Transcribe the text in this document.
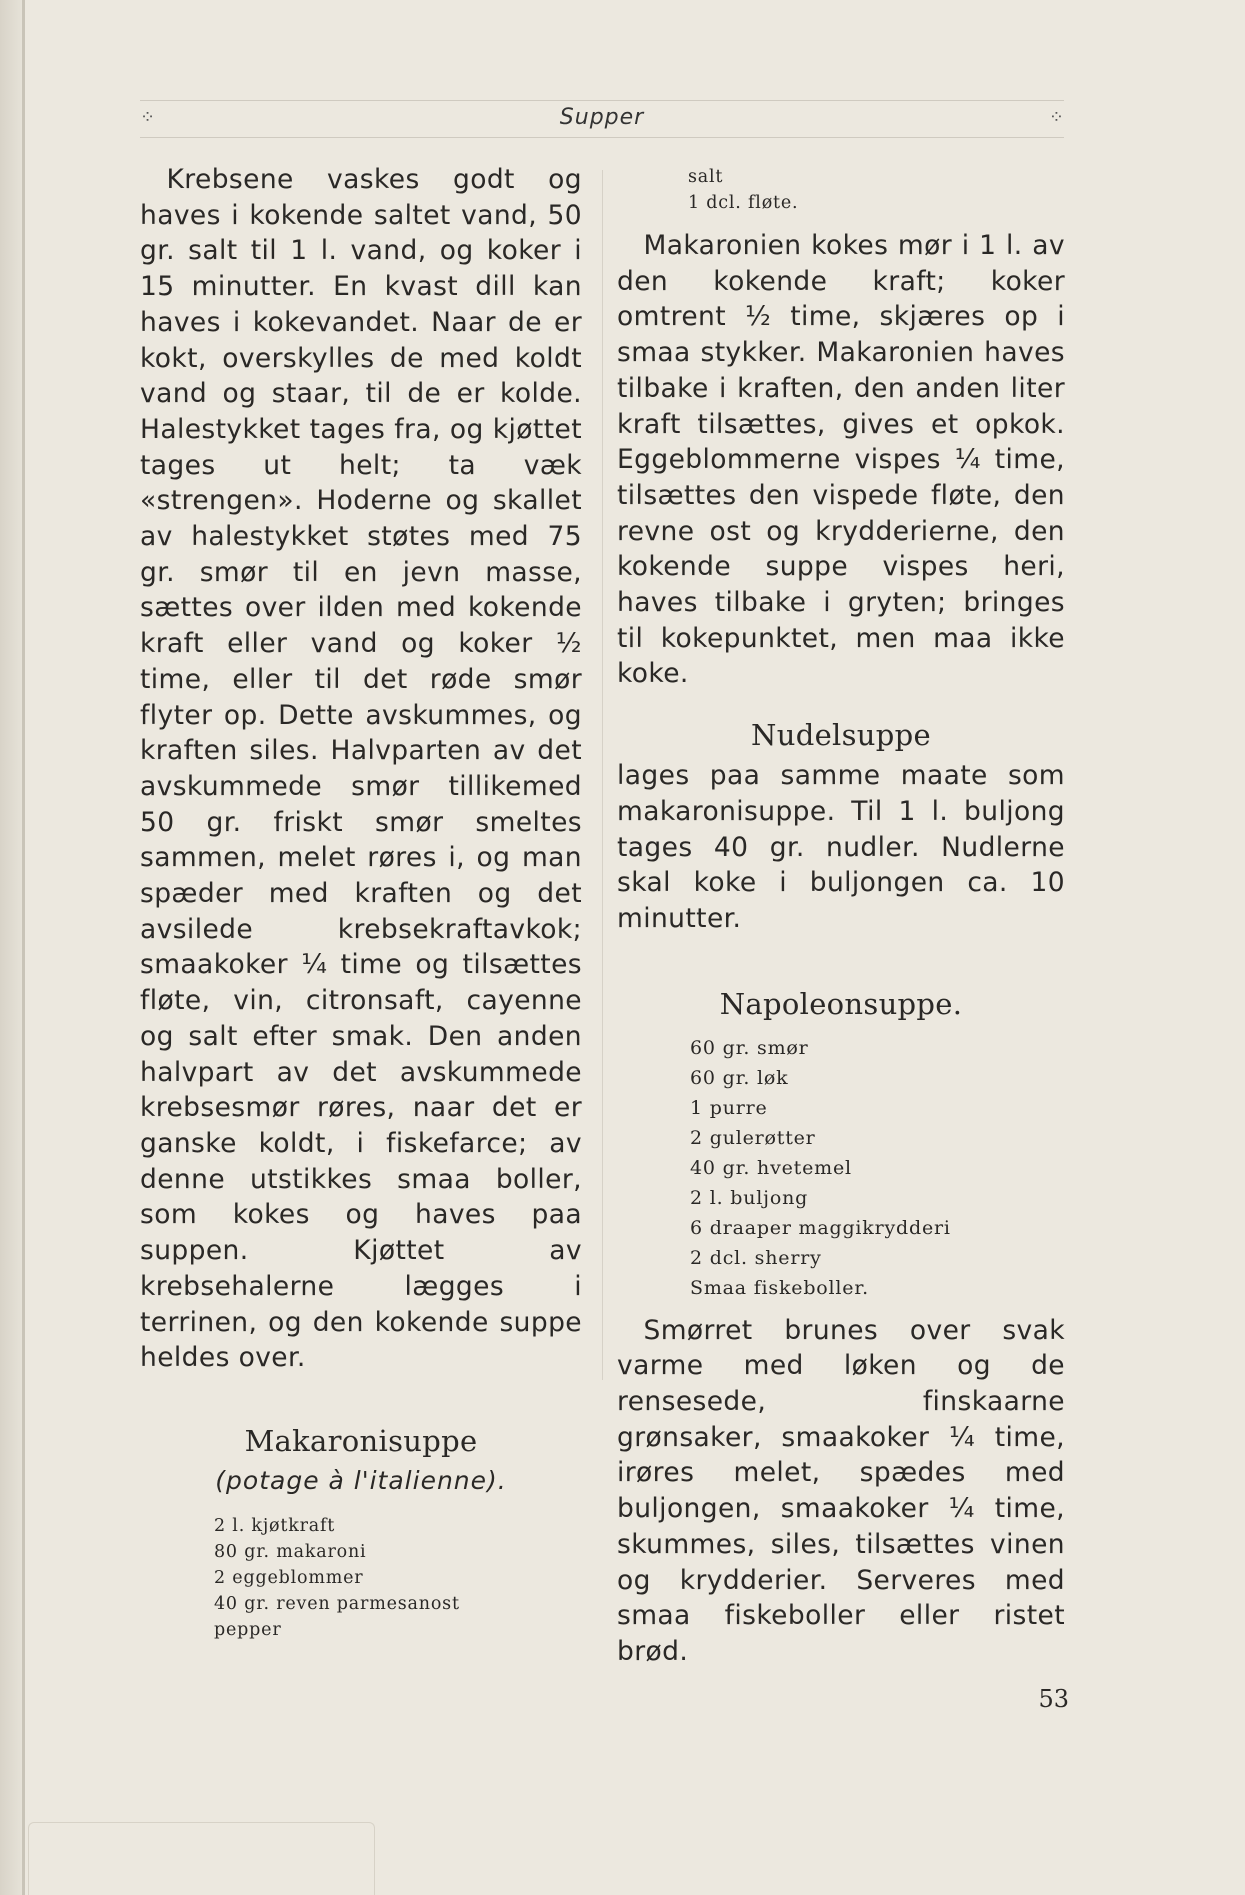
⁘	Supper	⁘

Krebsene vaskes godt og haves i kokende saltet vand, 50 gr. salt til 1 l. vand, og koker i 15 minutter. En kvast dill kan haves i kokevandet. Naar de er kokt, overskylles de med koldt vand og staar, til de er kolde. Halestykket tages fra, og kjøttet tages ut helt; ta væk «strengen». Hoderne og skallet av halestykket støtes med 75 gr. smør til en jevn masse, sættes over ilden med kokende kraft eller vand og koker ½ time, eller til det røde smør flyter op. Dette avskummes, og kraften siles. Halvparten av det avskummede smør tillikemed 50 gr. friskt smør smeltes sammen, melet røres i, og man spæder med kraften og det avsilede krebsekraftavkok; smaakoker ¼ time og tilsættes fløte, vin, citronsaft, cayenne og salt efter smak. Den anden halvpart av det avskummede krebsesmør røres, naar det er ganske koldt, i fiskefarce; av denne utstikkes smaa boller, som kokes og haves paa suppen. Kjøttet av krebsehalerne lægges i terrinen, og den kokende suppe heldes over.

Makaronisuppe
(potage à l'italienne).
2 l. kjøtkraft
80 gr. makaroni
2 eggeblommer
40 gr. reven parmesanost
pepper
salt
1 dcl. fløte.

Makaronien kokes mør i 1 l. av den kokende kraft; koker omtrent ½ time, skjæres op i smaa stykker. Makaronien haves tilbake i kraften, den anden liter kraft tilsættes, gives et opkok. Eggeblommerne vispes ¼ time, tilsættes den vispede fløte, den revne ost og krydderierne, den kokende suppe vispes heri, haves tilbake i gryten; bringes til kokepunktet, men maa ikke koke.

Nudelsuppe

lages paa samme maate som makaronisuppe. Til 1 l. buljong tages 40 gr. nudler. Nudlerne skal koke i buljongen ca. 10 minutter.

Napoleonsuppe.
60 gr. smør
60 gr. løk
1 purre
2 gulerøtter
40 gr. hvetemel
2 l. buljong
6 draaper maggikrydderi
2 dcl. sherry
Smaa fiskeboller.

Smørret brunes over svak varme med løken og de rensesede, finskaarne grønsaker, smaakoker ¼ time, irøres melet, spædes med buljongen, smaakoker ¼ time, skummes, siles, tilsættes vinen og krydderier. Serveres med smaa fiskeboller eller ristet brød.

53
